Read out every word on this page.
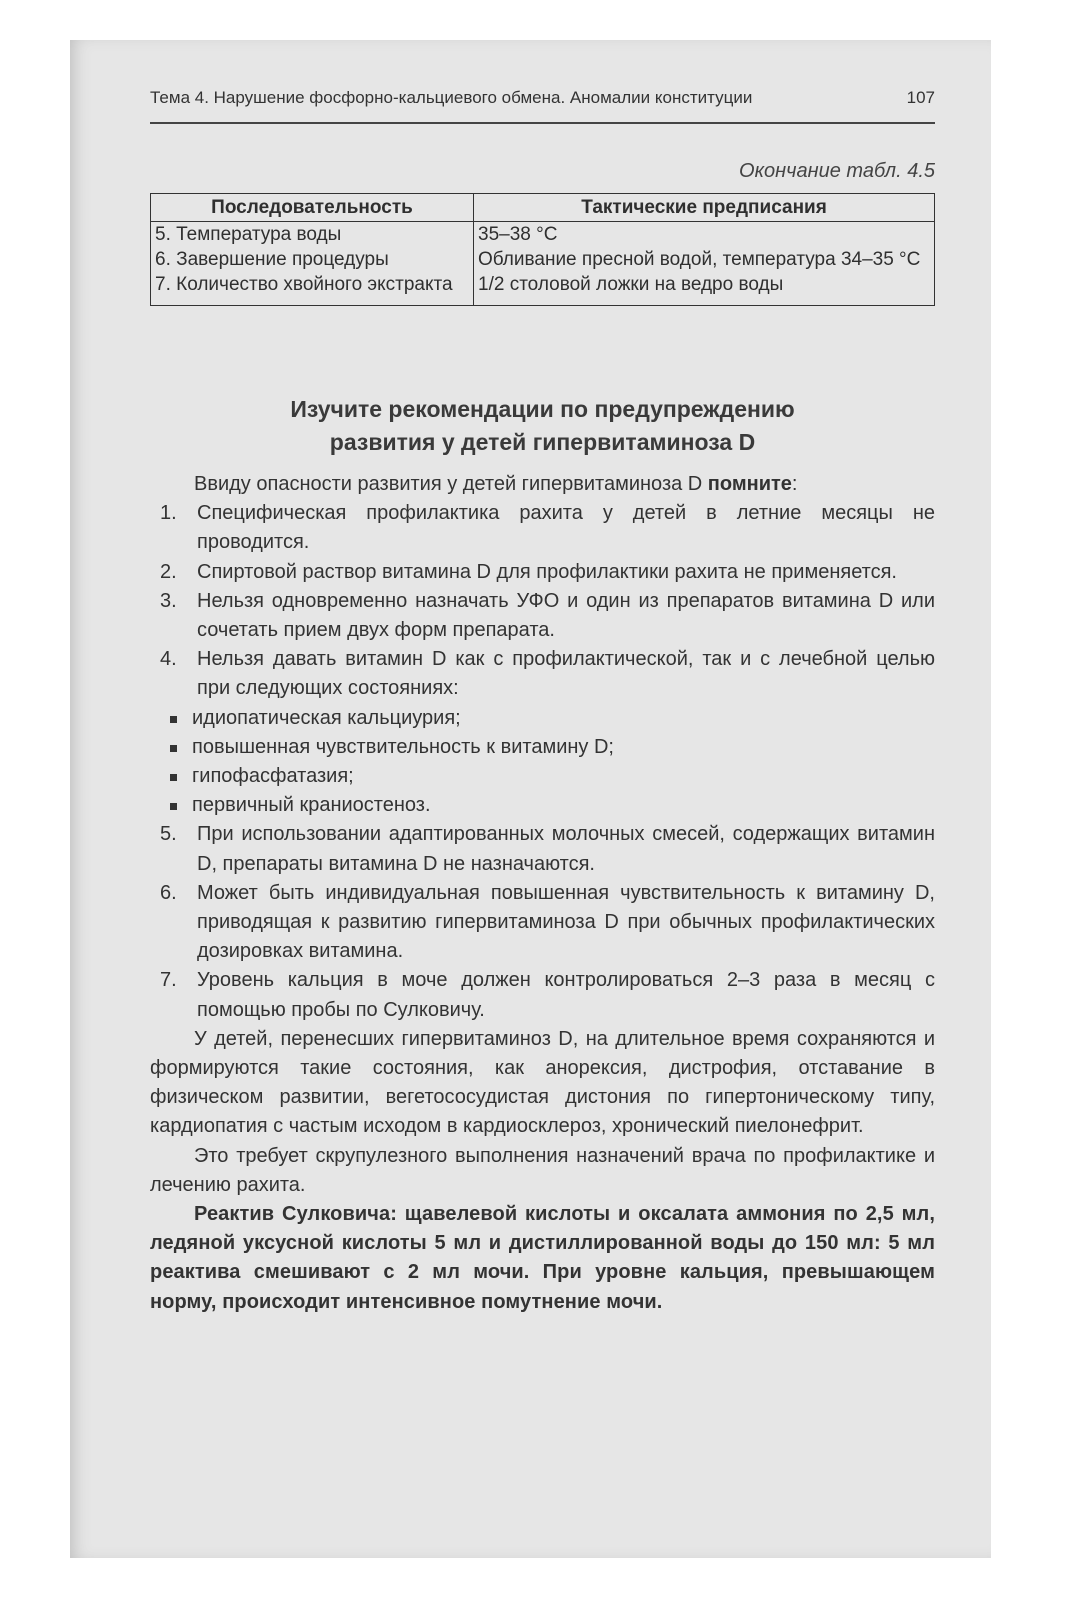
Тема 4. Нарушение фосфорно-кальциевого обмена. Аномалии конституции	107
Окончание табл. 4.5
Последовательность	Тактические предписания
5. Температура воды	35–38 °С
6. Завершение процедуры	Обливание пресной водой, температура 34–35 °С
7. Количество хвойного экстракта	1/2 столовой ложки на ведро воды
Изучите рекомендации по предупреждению
развития у детей гипервитаминоза D

Ввиду опасности развития у детей гипервитаминоза D помните:

1. Специфическая профилактика рахита у детей в летние месяцы не проводится.

2. Спиртовой раствор витамина D для профилактики рахита не применяется.

3. Нельзя одновременно назначать УФО и один из препаратов витамина D или сочетать прием двух форм препарата.

4. Нельзя давать витамин D как с профилактической, так и с лечебной целью при следующих состояниях:

идиопатическая кальциурия;

повышенная чувствительность к витамину D;

гипофасфатазия;

первичный краниостеноз.

5. При использовании адаптированных молочных смесей, содержащих витамин D, препараты витамина D не назначаются.

6. Может быть индивидуальная повышенная чувствительность к витамину D, приводящая к развитию гипервитаминоза D при обычных профилактических дозировках витамина.

7. Уровень кальция в моче должен контролироваться 2–3 раза в месяц с помощью пробы по Сулковичу.

У детей, перенесших гипервитаминоз D, на длительное время сохраняются и формируются такие состояния, как анорексия, дистрофия, отставание в физическом развитии, вегетососудистая дистония по гипертоническому типу, кардиопатия с частым исходом в кардиосклероз, хронический пиелонефрит.

Это требует скрупулезного выполнения назначений врача по профилактике и лечению рахита.

Реактив Сулковича: щавелевой кислоты и оксалата аммония по 2,5 мл, ледяной уксусной кислоты 5 мл и дистиллированной воды до 150 мл: 5 мл реактива смешивают с 2 мл мочи. При уровне кальция, превышающем норму, происходит интенсивное помутнение мочи.
